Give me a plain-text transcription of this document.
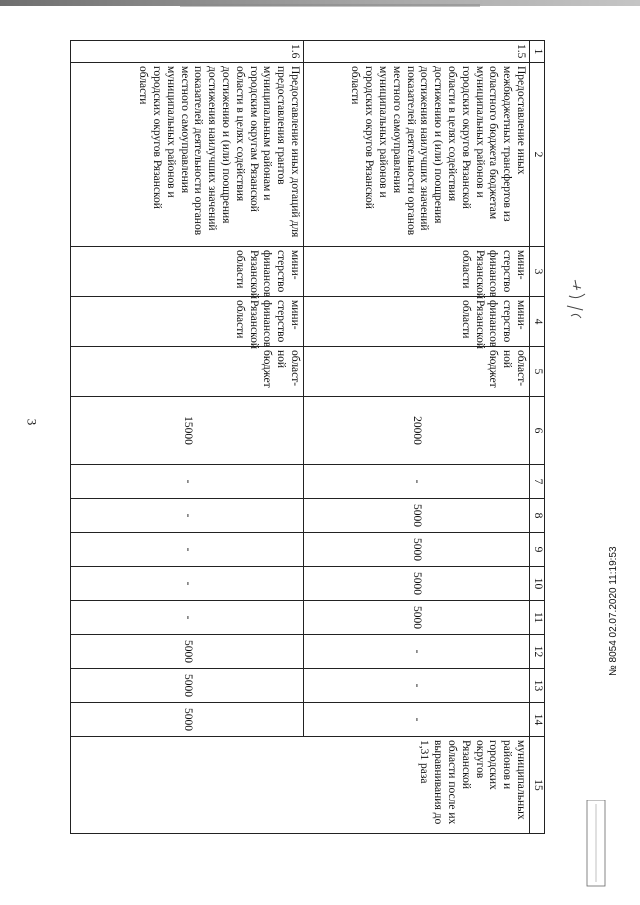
3
1	2	3	4	5	6	7	8	9	10	11	12	13	14	15
1.5	Предоставление иных межбюджетных трансфертов из областного бюджета бюджетам муниципальных районов и городских округов Рязанской области в целях содействия достижению и (или) поощрения достижения наилучших значений показателей деятельности органов местного самоуправления муниципальных районов и городских округов Рязанской области	мини-стерство финансов Рязанской области	мини-стерство финансов Рязанской области	област-ной бюджет	20000	-	5000	5000	5000	5000	-	-	-	муниципальных районов и городских округов Рязанской области после их выравнивания до 1,31 раза
1.6	Предоставление иных дотаций для предоставления грантов муниципальным районам и городским округам Рязанской области в целях содействия достижению и (или) поощрения достижения наилучших значений показателей деятельности органов местного самоуправления муниципальных районов и городских округов Рязанской области	мини-стерство финансов Рязанской области	мини-стерство финансов Рязанской области	област-ной бюджет	15000	-	-	-	-	-	5000	5000	5000	
№ 8054 02.07.2020 11:19:53
